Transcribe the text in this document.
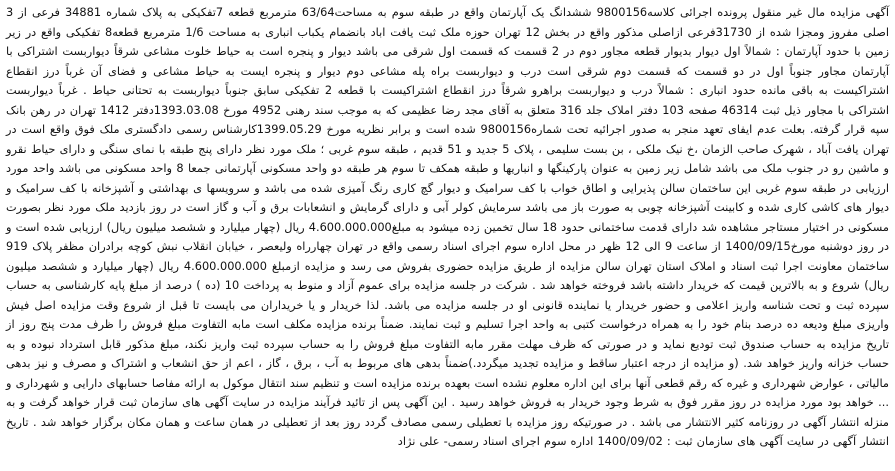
آگهی مزایده مال غیر منقول پرونده اجرائی کلاسه9800156 ششدانگ یک آپارتمان واقع در طبقه سوم به مساحت63/64 مترمربع قطعه 7تفکیکی به پلاک شماره 34881 فرعی از 3 اصلی مفروز ومجزا شده از 31730فرعی ازاصلی مذکور واقع در بخش 12 تهران حوزه ملک ثبت یافت اباد بانضمام یکباب انباری به مساحت 1/6 مترمربع قطعه8 تفکیکی واقع در زیر زمین با حدود آپارتمان : شمالاً اول دیوار بدیوار قطعه مجاور دوم در 2 قسمت که قسمت اول شرقی می باشد دیوار و پنجره است به حیاط خلوت مشاعی شرقاً دیواربست اشتراکی با آپارتمان مجاور جنوباً اول در دو قسمت که قسمت دوم شرقی است درب و دیواربست براه پله مشاعی دوم دیوار و پنجره ایست به حیاط مشاعی و فضای آن غرباً درز انقطاع اشتراکیست به باقی مانده حدود انباری : شمالاً درب و دیواربست براهرو شرقاً درز انقطاع اشتراکیست با قطعه 2 تفکیکی سابق جنوباً دیواربست به تحتانی حیاط . غرباً دیواربست اشتراکی با مجاور ذیل ثبت 46314 صفحه 103 دفتر املاک جلد 316 متعلق به آقای مجد رضا عظیمی که به موجب سند رهنی 4952 مورخ 1393.03.08دفتر 1412 تهران در رهن بانک سپه قرار گرفته. بعلت عدم ایفای تعهد منجر به صدور اجرائیه تحت شماره9800156 شده است و برابر نظریه مورخ 1399.05.29کارشناس رسمی دادگستری ملک فوق واقع است در تهران یافت آباد ، شهرک صاحب الزمان ،خ نیک ملکی ، بن بست سلیمی ، پلاک 5 جدید و 51 قدیم ، طبقه سوم غربی ؛ ملک مورد نظر دارای پنج طبقه با نمای سنگی و دارای حیاط نقرو و ماشین رو در جنوب ملک می باشد شامل زیر زمین به عنوان پارکینگها و انباریها و طبقه همکف تا سوم هر طبقه دو واحد مسکونی آپارتمانی جمعا 8 واحد مسکونی می باشد واحد مورد ارزیابی در طبقه سوم غربی این ساختمان سالن پذیرایی و اطاق خواب با کف سرامیک و دیوار گچ کاری رنگ آمیزی شده می باشد و سرویسها ی بهداشتی و آشپزخانه با کف سرامیک و دیوار های کاشی کاری شده و کابینت آشپزخانه چوبی به صورت باز می باشد سرمایش کولر آبی و دارای گرمایش و انشعابات برق و آب و گاز است در روز بازدید ملک مورد نظر بصورت مسکونی در اختیار مستاجر مشاهده شد دارای قدمت ساختمانی حدود 18 سال تخمین زده میشود به مبلغ4.600.000.000 ریال (چهار میلیارد و ششصد میلیون ریال) ارزیابی شده است و در روز دوشنبه مورخ1400/09/15 از ساعت 9 الی 12 ظهر در محل اداره سوم اجرای اسناد رسمی واقع در تهران چهارراه ولیعصر ، خیابان انقلاب نبش کوچه برادران مظفر پلاک 919 ساختمان معاونت اجرا ثبت اسناد و املاک استان تهران سالن مزایده از طریق مزایده حضوری بفروش می رسد و مزایده ازمبلغ 4.600.000.000 ریال (چهار میلیارد و ششصد میلیون ریال) شروع و به بالاترین قیمت که خریدار داشته باشد فروخته خواهد شد . شرکت در جلسه مزایده برای عموم آزاد و منوط به پرداخت 10 (ده ) درصد از مبلغ پایه کارشناسی به حساب سپرده ثبت و تحت شناسه واریز اعلامی و حضور خریدار یا نماینده قانونی او در جلسه مزایده می باشد. لذا خریدار و یا خریداران می بایست تا قبل از شروع وقت مزایده اصل فیش واریزی مبلغ ودیعه ده درصد بنام خود را به همراه درخواست کتبی به واحد اجرا تسلیم و ثبت نمایند. ضمناً برنده مزایده مکلف است مابه التفاوت مبلغ فروش را ظرف مدت پنج روز از تاریخ مزایده به حساب صندوق ثبت تودیع نماید و در صورتی که ظرف مهلت مقرر مابه التفاوت مبلغ فروش را به حساب سپرده ثبت واریز نکند، مبلغ مذکور قابل استرداد نبوده و به حساب خزانه واریز خواهد شد. (و مزایده از درجه اعتبار ساقط و مزایده تجدید میگردد.)ضمناً بدهی های مربوط به آب ، برق ، گاز ، اعم از حق انشعاب و اشتراک و مصرف و نیز بدهی مالیاتی ، عوارض شهرداری و غیره که رقم قطعی آنها برای این اداره معلوم نشده است بعهده برنده مزایده است و تنظیم سند انتقال موکول به ارائه مفاصا حسابهای دارایی و شهرداری و ... خواهد بود مورد مزایده در روز مقرر فوق به شرط وجود خریدار به فروش خواهد رسید . این آگهی پس از تائید فرآیند مزایده در سایت آگهی های سازمان ثبت قرار خواهد گرفت و به منزله انتشار آگهی در روزنامه کثیر الانتشار می باشد . در صورتیکه روز مزایده با تعطیلی رسمی مصادف گردد روز بعد از تعطیلی در همان ساعت و همان مکان برگزار خواهد شد . تاریخ انتشار آگهی در سایت آگهی های سازمان ثبت : 1400/09/02 اداره سوم اجرای اسناد رسمی- علی نژاد
